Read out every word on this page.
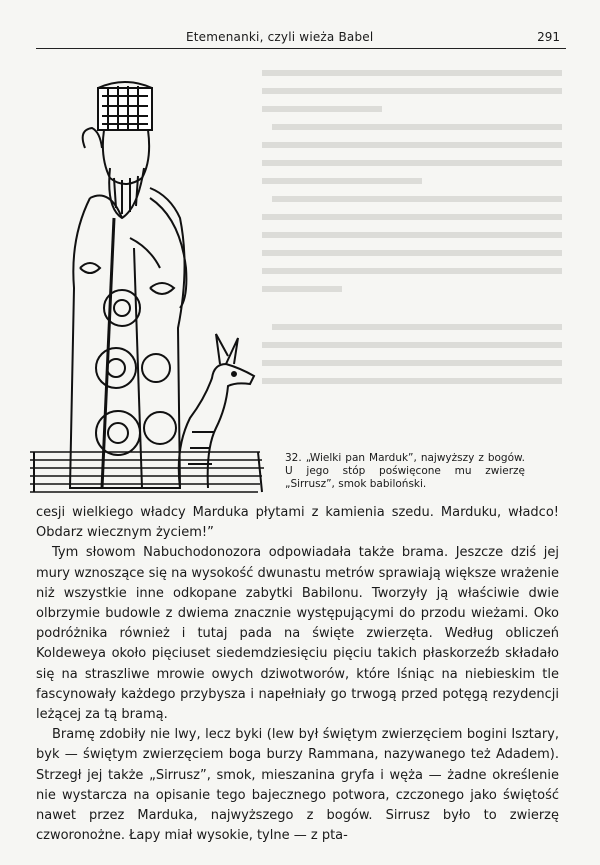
Etemenanki, czyli wieża Babel	291
32. „Wielki pan Marduk”, najwyższy z bogów. U jego stóp poświęcone mu zwierzę „Sirrusz”, smok babiloński.

cesji wielkiego władcy Marduka płytami z kamienia szedu. Marduku, władco! Obdarz wiecznym życiem!”

Tym słowom Nabuchodonozora odpowiadała także brama. Jeszcze dziś jej mury wznoszące się na wysokość dwunastu metrów sprawiają większe wrażenie niż wszystkie inne odkopane zabytki Babilonu. Tworzyły ją właściwie dwie olbrzymie budowle z dwiema znacznie występującymi do przodu wieżami. Oko podróżnika również i tutaj pada na święte zwierzęta. Według obliczeń Koldeweya około pięciuset siedemdziesięciu pięciu takich płaskorzeźb składało się na straszliwe mrowie owych dziwotworów, które lśniąc na niebieskim tle fascynowały każdego przybysza i napełniały go trwogą przed potęgą rezydencji leżącej za tą bramą.

Bramę zdobiły nie lwy, lecz byki (lew był świętym zwierzęciem bogini Isztary, byk — świętym zwierzęciem boga burzy Rammana, nazywanego też Adadem). Strzegł jej także „Sirrusz”, smok, mieszanina gryfa i węża — żadne określenie nie wystarcza na opisanie tego bajecznego potwora, czczonego jako świętość nawet przez Marduka, najwyższego z bogów. Sirrusz było to zwierzę czworonożne. Łapy miał wysokie, tylne — z pta-
